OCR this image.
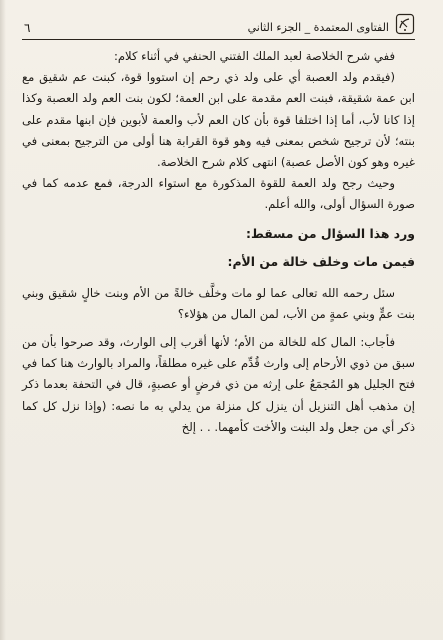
الفتاوى المعتمدة _ الجزء الثاني
٦

ففي شرح الخلاصة لعبد الملك الفتني الحنفي في أثناء كلام:

(فيقدم ولد العصبة أي على ولد ذي رحم إن استووا قوة، كبنت عم شقيق مع ابن عمة شقيقة، فبنت العم مقدمة على ابن العمة؛ لكون بنت العم ولد العصبة وكذا إذا كانا لأب، أما إذا اختلفا قوة بأن كان العم لأب والعمة لأبوين فإن ابنها مقدم على بنته؛ لأن ترجيح شخص بمعنى فيه وهو قوة القرابة هنا أولى من الترجيح بمعنى في غيره وهو كون الأصل عصبة) انتهى كلام شرح الخلاصة.

وحيث رجح ولد العمة للقوة المذكورة مع استواء الدرجة، فمع عدمه كما في صورة السؤال أولى، والله أعلم.

ورد هذا السؤال من مسقط:

فيمن مات وخلف خالة من الأم:

سئل رحمه الله تعالى عما لو مات وخلَّف خالةً من الأم وبنت خالٍ شقيق وبني بنت عمٍّ وبني عمةٍ من الأب، لمن المال من هؤلاء؟

فأجاب: المال كله للخالة من الأم؛ لأنها أقرب إلى الوارث، وقد صرحوا بأن من سبق من ذوي الأرحام إلى وارث قُدِّم على غيره مطلقاً، والمراد بالوارث هنا كما في فتح الجليل هو المُجمَعُ على إرثه من ذي فرضٍ أو عصبةٍ، قال في التحفة بعدما ذكر إن مذهب أهل التنزيل أن ينزل كل منزلة من يدلي به ما نصه: (وإذا نزل كل كما ذكر أي من جعل ولد البنت والأخت كأمهما. . . إلخ
